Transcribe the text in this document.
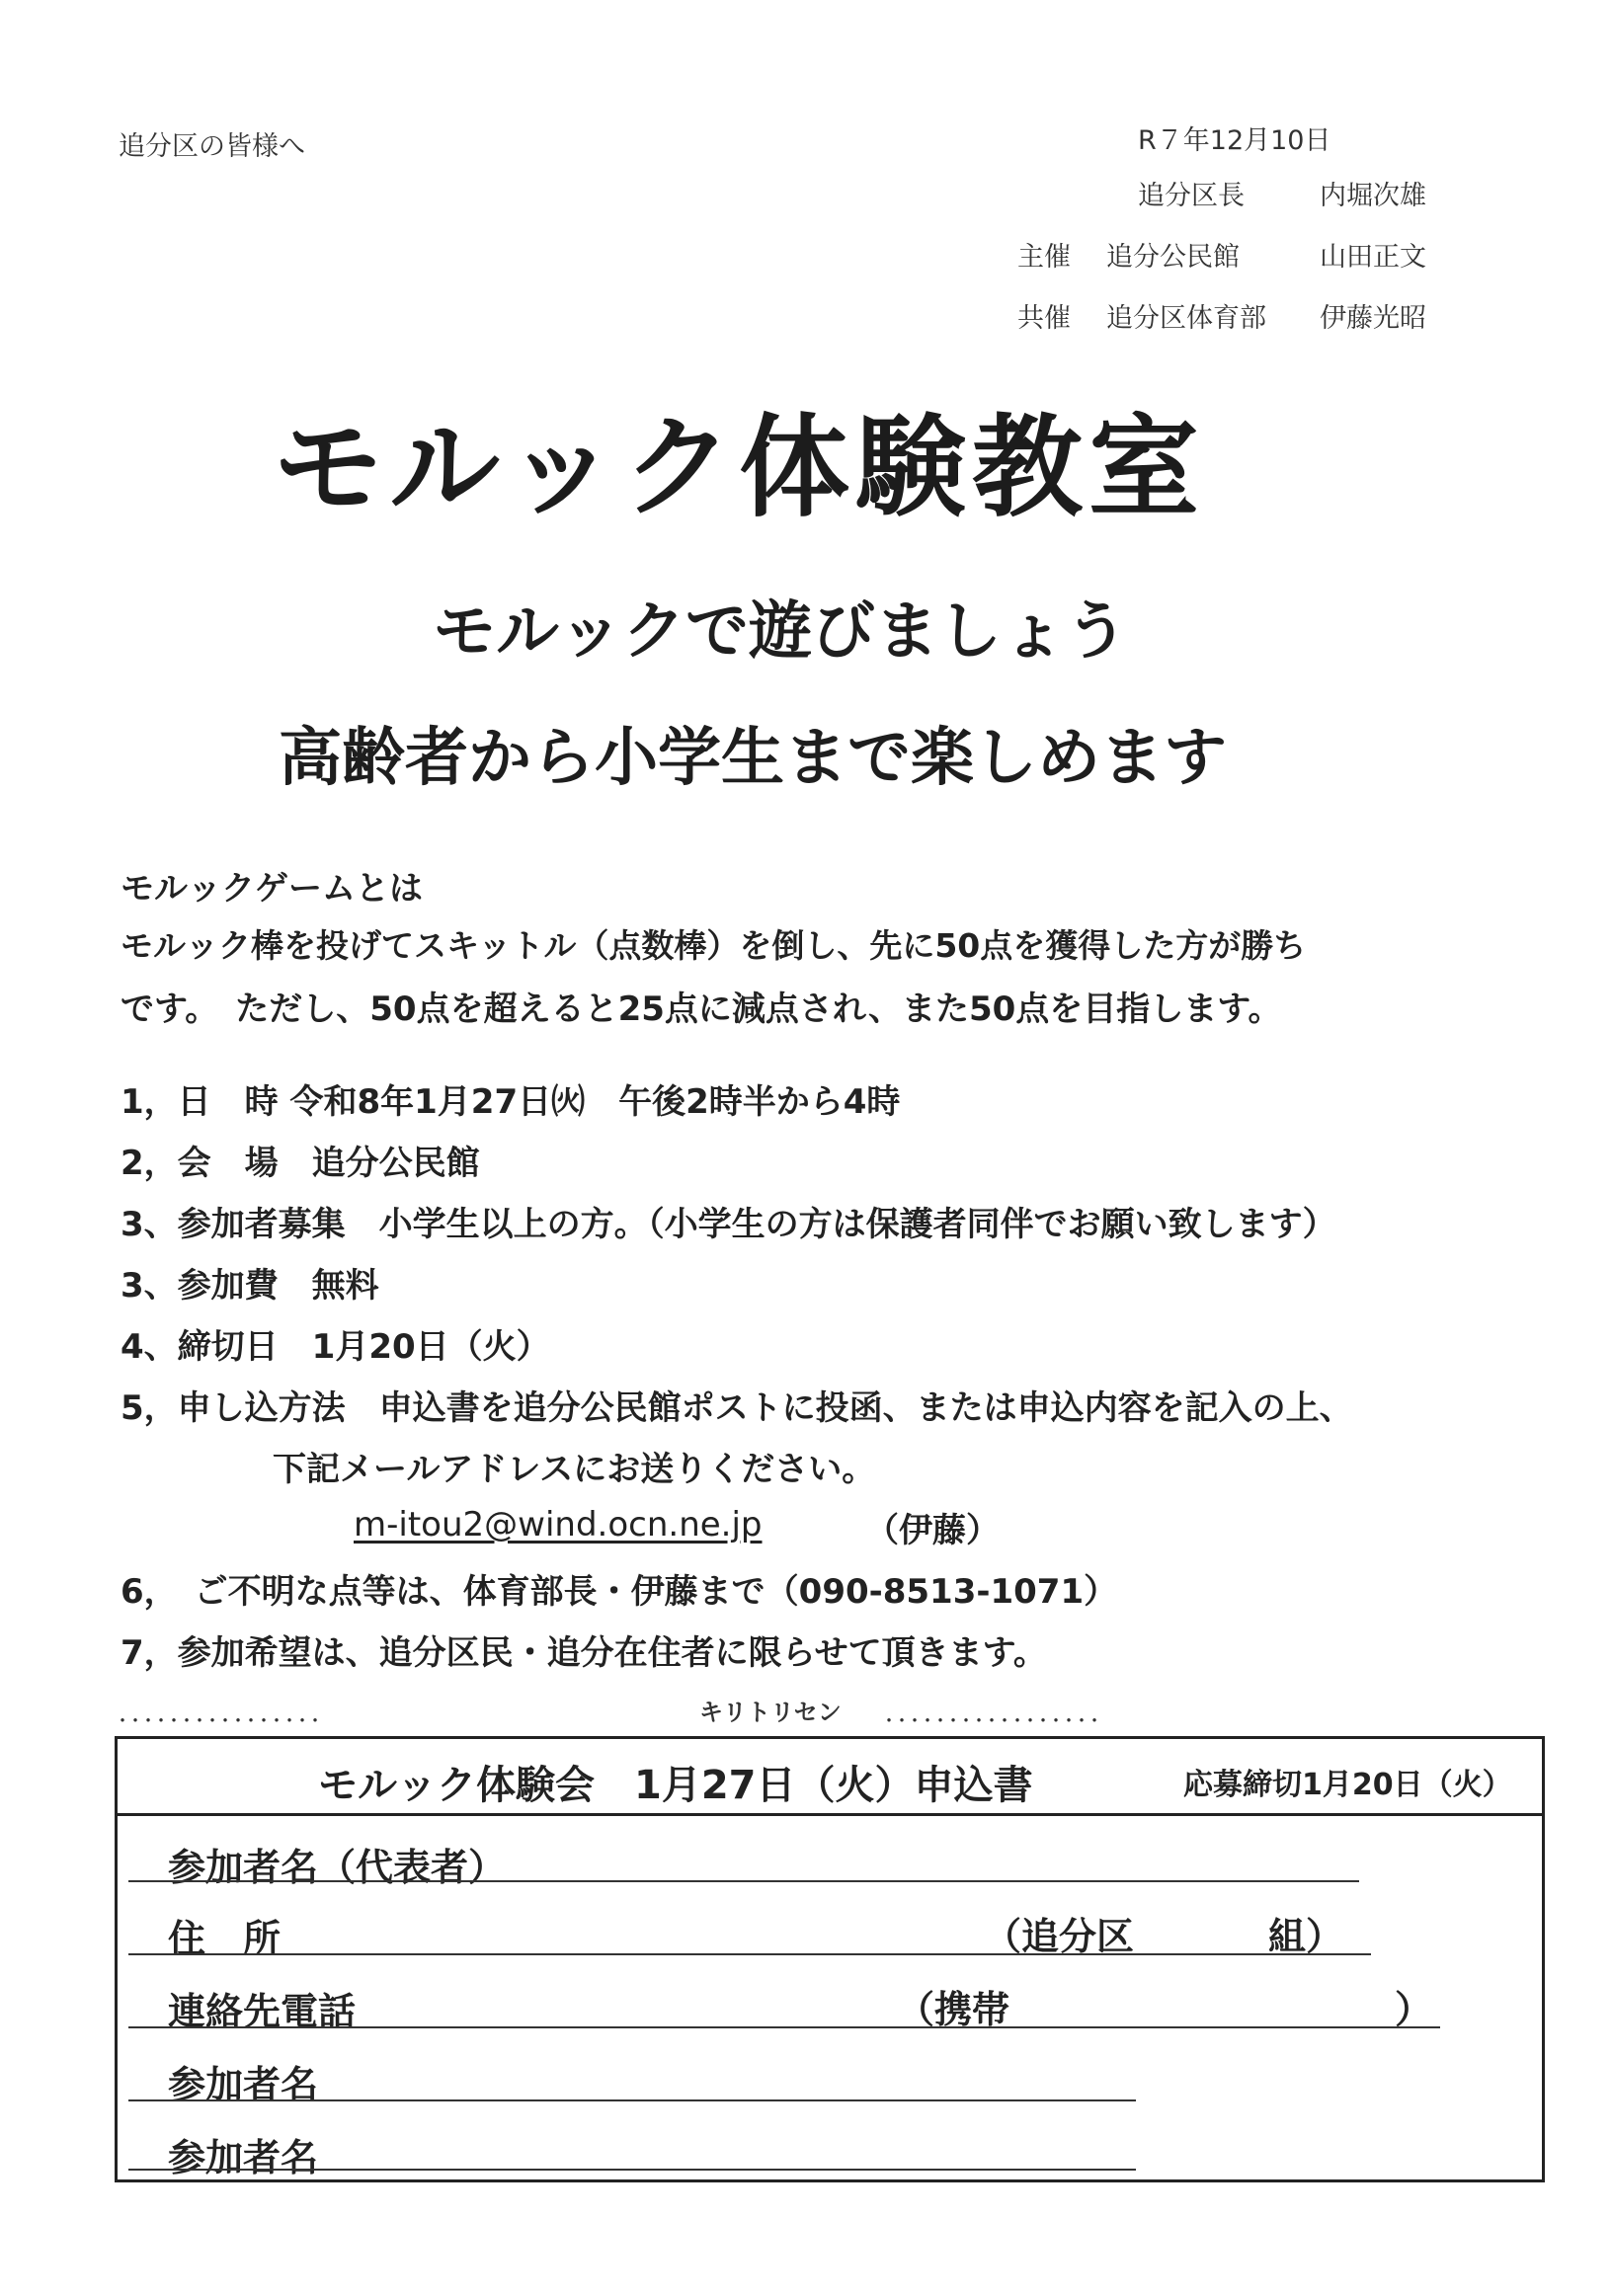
追分区の皆様へ	R７年12月10日
追分区長	内堀次雄
主催 追分公民館	山田正文
共催 追分区体育部 伊藤光昭
モルック体験教室
モルックで遊びましょう
高齢者から小学生まで楽しめます
モルックゲームとは
モルック棒を投げてスキットル（点数棒）を倒し、先に50点を獲得した方が勝ち
です。　ただし、50点を超えると25点に減点され、また50点を目指します。
1，日　時 令和8年1月27日㈫　午後2時半から4時
2，会　場　追分公民館
3、参加者募集　小学生以上の方。（小学生の方は保護者同伴でお願い致します）
3、参加費　無料
4、締切日　1月20日（火）
5，申し込方法　申込書を追分公民館ポストに投函、または申込内容を記入の上、
下記メールアドレスにお送りください。
m-itou2@wind.ocn.ne.jp	（伊藤）
6，　ご不明な点等は、体育部長・伊藤まで（090-8513-1071）
7，参加希望は、追分区民・追分在住者に限らせて頂きます。
．．．．．．．．．．．．．．．．	キリトリセン ．．．．．．．．．．．．．．．．．
モルック体験会　1月27日（火）申込書	応募締切1月20日（火）
参加者名（代表者）
住　所	（追分区	組）
連絡先電話	（携帯	）
参加者名
参加者名
